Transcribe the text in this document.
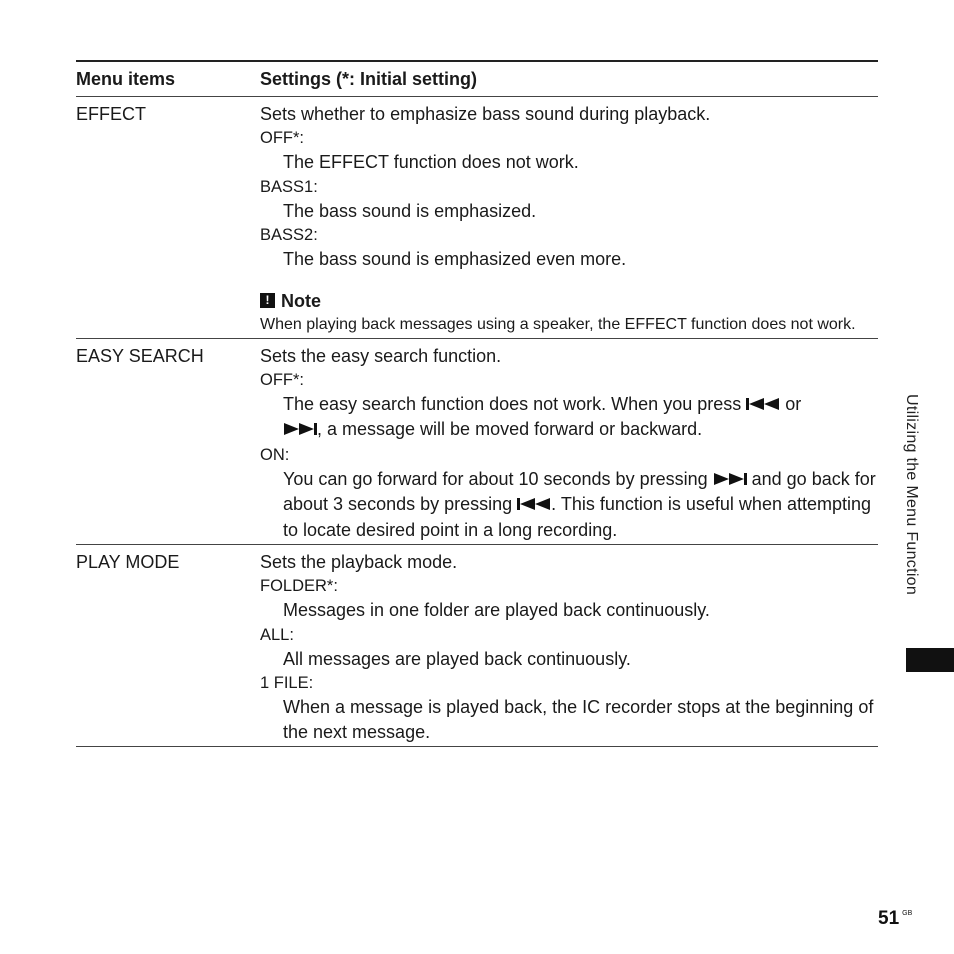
Menu items	Settings (*: Initial setting)
EFFECT	Sets whether to emphasize bass sound during playback.
OFF*:
The EFFECT function does not work.
BASS1:
The bass sound is emphasized.
BASS2:
The bass sound is emphasized even more.
! Note
When playing back messages using a speaker, the EFFECT function does not work.
EASY SEARCH	Sets the easy search function.
OFF*:
The easy search function does not work. When you press or
, a message will be moved forward or backward.
ON:
You can go forward for about 10 seconds by pressing and go back for about 3 seconds by pressing . This function is useful when attempting to locate desired point in a long recording.
PLAY MODE	Sets the playback mode.
FOLDER*:
Messages in one folder are played back continuously.
ALL:
All messages are played back continuously.
1 FILE:
When a message is played back, the IC recorder stops at the beginning of the next message.
Utilizing the Menu Function
51 $^{GB}$
